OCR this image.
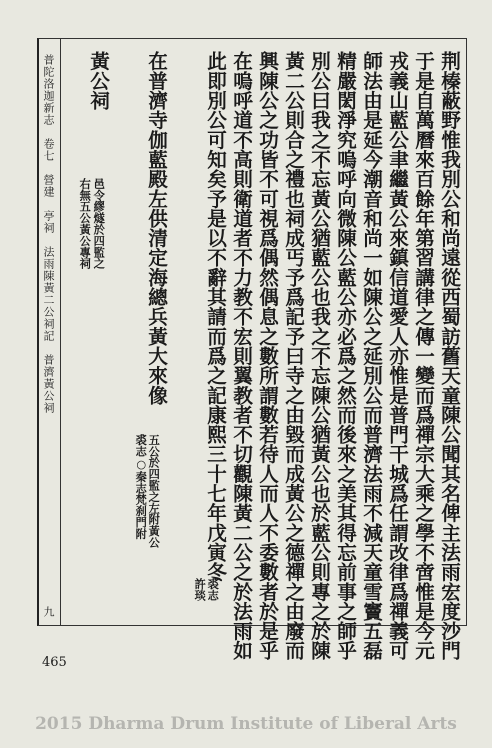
荆榛蔽野惟我別公和尚遠從西蜀訪舊天童陳公聞其名俾主法雨宏度沙門
于是自萬曆來百餘年第習講律之傳一變而爲禪宗大乘之學不啻惟是今元
戎義山藍公聿繼黃公來鎮信道愛人亦惟是普門干城爲任謂改律爲禪義可
師法由是延今潮音和尚一如陳公之延別公而普濟法雨不減天童雪竇五磊
精嚴閎淨究嗚呼向微陳公藍公亦必爲之然而後來之美其得忘前事之師乎
別公曰我之不忘黃公猶藍公也我之不忘陳公猶黃公也於藍公則專之於陳
黃二公則合之禮也祠成丐予爲記予曰寺之由毀而成黃公之德禪之由廢而
興陳公之功皆不可視爲偶然偶息之數所謂數若待人而人不委數者於是乎
在嗚呼道不高則衛道者不力教不宏則翼教者不切觀陳黃二公之於法雨如
此即別公可知矣予是以不辭其請而爲之記康熙三十七年戊寅冬
裘志
許琰
在普濟寺伽藍殿左供清定海總兵黃大來像
五公於四監之左附黃公
裘志○秦志梵刹門附
黃公祠
邑令繆燧於四監之
右無五公黃公專祠
普陀洛迦新志　卷七　營建　亭祠　法雨陳黃二公祠記　普濟黃公祠
九
465
2015 Dharma Drum Institute of Liberal Arts
